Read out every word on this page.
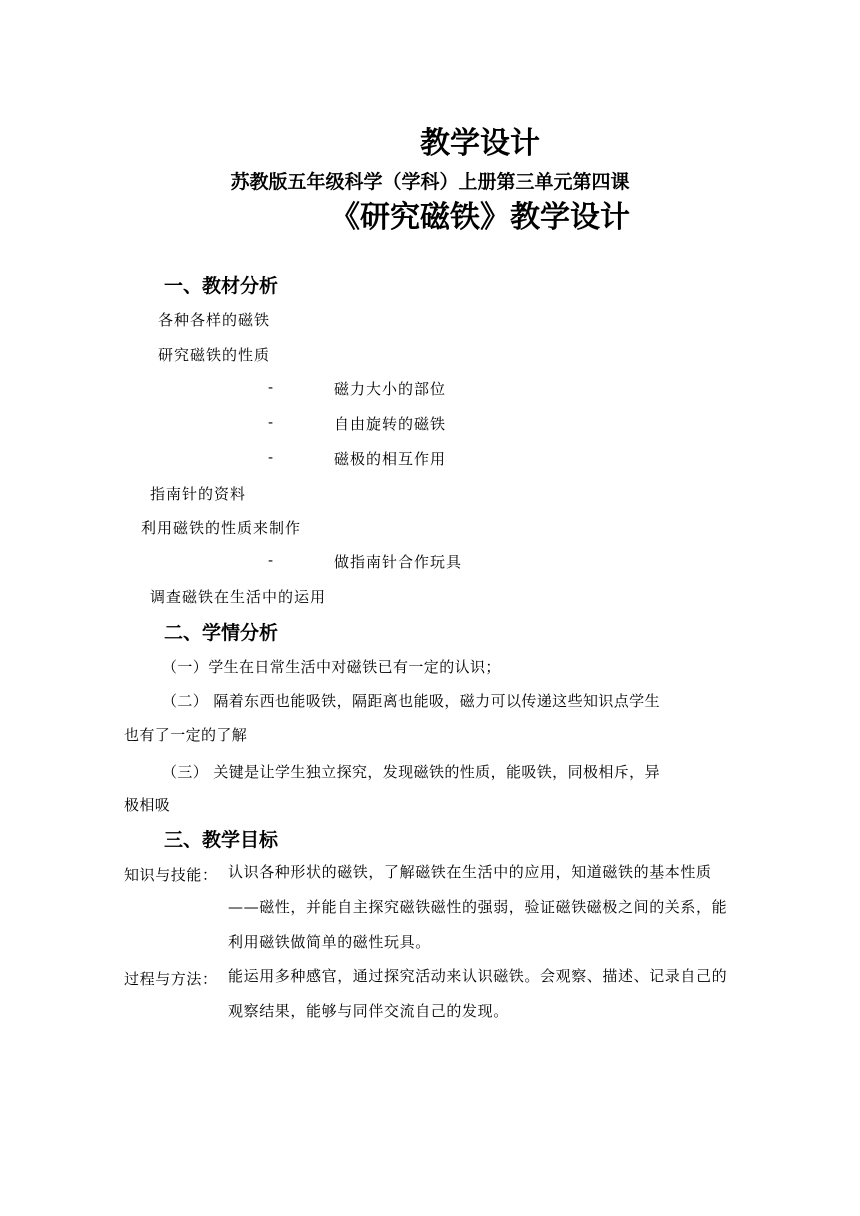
教学设计
苏教版五年级科学（学科）上册第三单元第四课
《研究磁铁》教学设计
一、教材分析
各种各样的磁铁
研究磁铁的性质
-	磁力大小的部位
-	自由旋转的磁铁
-	磁极的相互作用
指南针的资料
利用磁铁的性质来制作
-	做指南针合作玩具
调查磁铁在生活中的运用
二、学情分析
（一）学生在日常生活中对磁铁已有一定的认识；
（二） 隔着东西也能吸铁，隔距离也能吸，磁力可以传递这些知识点学生
也有了一定的了解
（三） 关键是让学生独立探究，发现磁铁的性质，能吸铁，同极相斥，异
极相吸
三、教学目标
知识与技能： 认识各种形状的磁铁，了解磁铁在生活中的应用，知道磁铁的基本性质——磁性，并能自主探究磁铁磁性的强弱，验证磁铁磁极之间的关系，能利用磁铁做简单的磁性玩具。
过程与方法： 能运用多种感官，通过探究活动来认识磁铁。会观察、描述、记录自己的观察结果，能够与同伴交流自己的发现。
